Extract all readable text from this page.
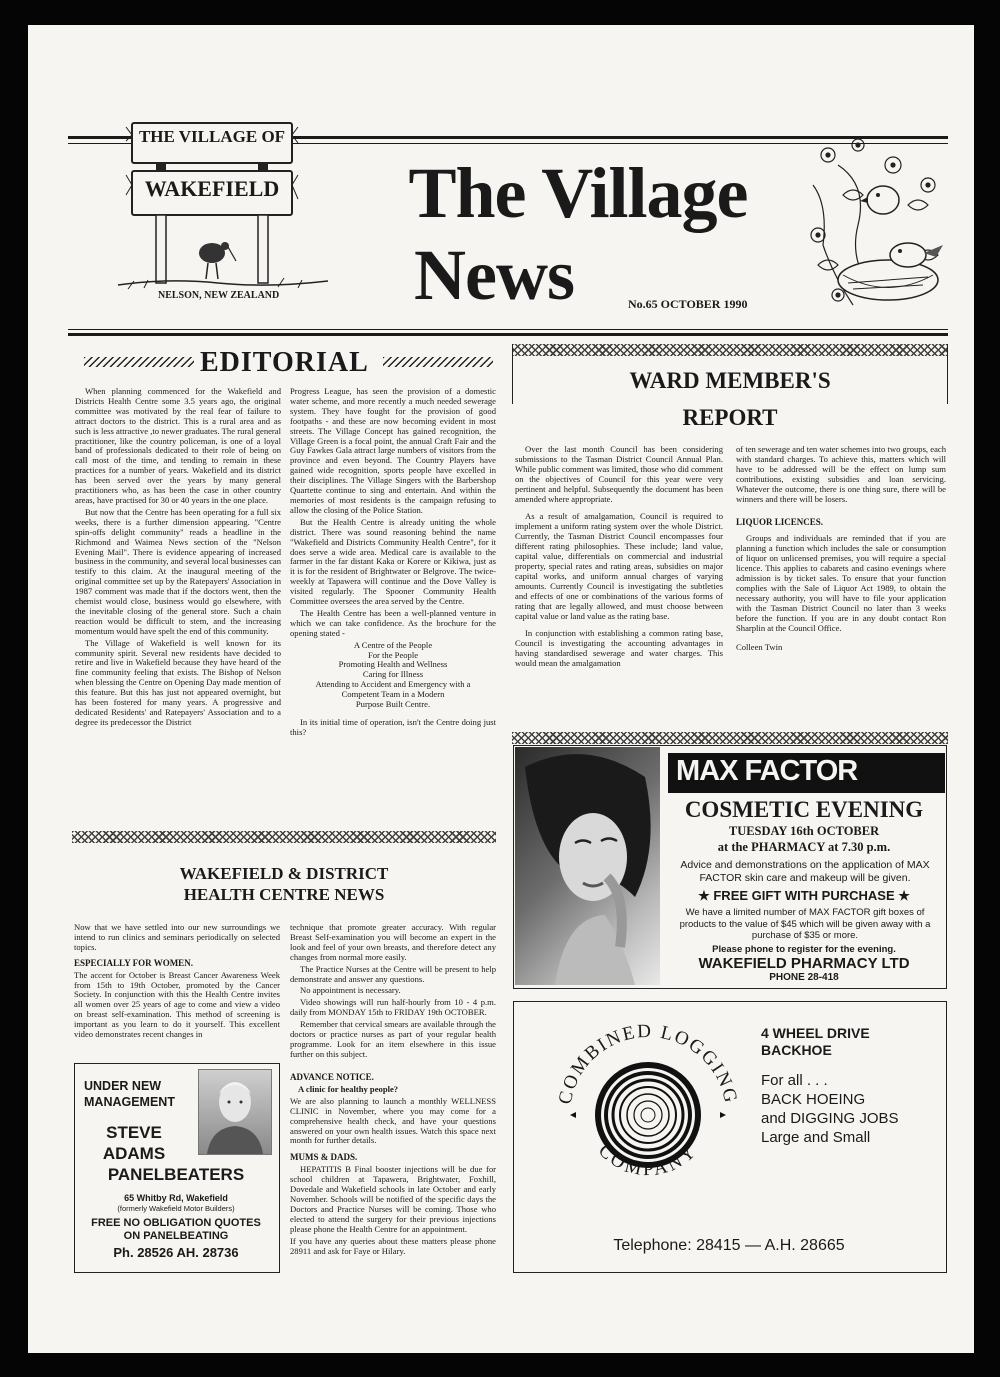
THE VILLAGE OF
WAKEFIELD
NELSON, NEW ZEALAND
The Village
News	No.65 OCTOBER 1990
EDITORIAL

When planning commenced for the Wakefield and Districts Health Centre some 3.5 years ago, the original committee was motivated by the real fear of failure to attract doctors to the district. This is a rural area and as such is less attractive ,to newer graduates. The rural general practitioner, like the country policeman, is one of a loyal band of professionals dedicated to their role of being on call most of the time, and tending to remain in these practices for a number of years. Wakefield and its district has been served over the years by many general practitioners who, as has been the case in other country areas, have practised for 30 or 40 years in the one place.

But now that the Centre has been operating for a full six weeks, there is a further dimension appearing. "Centre spin-offs delight community" reads a headline in the Richmond and Waimea News section of the "Nelson Evening Mail". There is evidence appearing of increased business in the community, and several local businesses can testify to this claim. At the inaugural meeting of the original committee set up by the Ratepayers' Association in 1987 comment was made that if the doctors went, then the chemist would close, business would go elsewhere, with the inevitable closing of the general store. Such a chain reaction would be difficult to stem, and the increasing momentum would have spelt the end of this community.

The Village of Wakefield is well known for its community spirit. Several new residents have decided to retire and live in Wakefield because they have heard of the fine community feeling that exists. The Bishop of Nelson when blessing the Centre on Opening Day made mention of this feature. But this has just not appeared overnight, but has been fostered for many years. A progressive and dedicated Residents' and Ratepayers' Association and to a degree its predecessor the District

Progress League, has seen the provision of a domestic water scheme, and more recently a much needed sewerage system. They have fought for the provision of good footpaths - and these are now becoming evident in most streets. The Village Concept has gained recognition, the Village Green is a focal point, the annual Craft Fair and the Guy Fawkes Gala attract large numbers of visitors from the province and even beyond. The Country Players have gained wide recognition, sports people have excelled in their disciplines. The Village Singers with the Barbershop Quartette continue to sing and entertain. And within the memories of most residents is the campaign refusing to allow the closing of the Police Station.

But the Health Centre is already uniting the whole district. There was sound reasoning behind the name "Wakefield and Districts Community Health Centre", for it does serve a wide area. Medical care is available to the farmer in the far distant Kaka or Korere or Kikiwa, just as it is for the resident of Brightwater or Belgrove. The twice-weekly at Tapawera will continue and the Dove Valley is visited regularly. The Spooner Community Health Committee oversees the area served by the Centre.

The Health Centre has been a well-planned venture in which we can take confidence. As the brochure for the opening stated -

A Centre of the People
For the People
Promoting Health and Wellness
Caring for Illness
Attending to Accident and Emergency with a
Competent Team in a Modern
Purpose Built Centre.

In its initial time of operation, isn't the Centre doing just this?

WARD MEMBER'S
REPORT

Over the last month Council has been considering submissions to the Tasman District Council Annual Plan. While public comment was limited, those who did comment on the objectives of Council for this year were very pertinent and helpful. Subsequently the document has been amended where appropriate.

As a result of amalgamation, Council is required to implement a uniform rating system over the whole District. Currently, the Tasman District Council encompasses four different rating philosophies. These include; land value, capital value, differentials on commercial and industrial property, special rates and rating areas, subsidies on major capital works, and uniform annual charges of varying amounts. Currently Council is investigating the subtleties and effects of one or combinations of the various forms of rating that are legally allowed, and must choose between capital value or land value as the rating base.

In conjunction with establishing a common rating base, Council is investigating the accounting advantages in having standardised sewerage and water charges. This would mean the amalgamation

of ten sewerage and ten water schemes into two groups, each with standard charges. To achieve this, matters which will have to be addressed will be the effect on lump sum contributions, existing subsidies and loan servicing. Whatever the outcome, there is one thing sure, there will be winners and there will be losers.

LIQUOR LICENCES.

Groups and individuals are reminded that if you are planning a function which includes the sale or consumption of liquor on unlicensed premises, you will require a special licence. This applies to cabarets and casino evenings where admission is by ticket sales. To ensure that your function complies with the Sale of Liquor Act 1989, to obtain the necessary authority, you will have to file your application with the Tasman District Council no later than 3 weeks before the function. If you are in any doubt contact Ron Sharplin at the Council Office.

Colleen Twin

WAKEFIELD & DISTRICT
HEALTH CENTRE NEWS

Now that we have settled into our new surroundings we intend to run clinics and seminars periodically on selected topics.

ESPECIALLY FOR WOMEN.

The accent for October is Breast Cancer Awareness Week from 15th to 19th October, promoted by the Cancer Society. In conjunction with this the Health Centre invites all women over 25 years of age to come and view a video on breast self-examination. This method of screening is important as you learn to do it yourself. This excellent video demonstrates recent changes in

technique that promote greater accuracy. With regular Breast Self-examination you will become an expert in the look and feel of your own breasts, and therefore detect any changes from normal more easily.

The Practice Nurses at the Centre will be present to help demonstrate and answer any questions.

No appointment is necessary.

Video showings will run half-hourly from 10 - 4 p.m. daily from MONDAY 15th to FRIDAY 19th OCTOBER.

Remember that cervical smears are available through the doctors or practice nurses as part of your regular health programme. Look for an item elsewhere in this issue further on this subject.

ADVANCE NOTICE.

A clinic for healthy people?

We are also planning to launch a monthly WELLNESS CLINIC in November, where you may come for a comprehensive health check, and have your questions answered on your own health issues. Watch this space next month for further details.

MUMS & DADS.

HEPATITIS B Final booster injections will be due for school children at Tapawera, Brightwater, Foxhill, Dovedale and Wakefield schools in late October and early November. Schools will be notified of the specific days the Doctors and Practice Nurses will be coming. Those who elected to attend the surgery for their previous injections please phone the Health Centre for an appointment.

If you have any queries about these matters please phone 28911 and ask for Faye or Hilary.

UNDER NEW
MANAGEMENT
STEVE
ADAMS
PANELBEATERS
65 Whitby Rd, Wakefield
(formerly Wakefield Motor Builders)
FREE NO OBLIGATION QUOTES
ON PANELBEATING
Ph. 28526 AH. 28736
MAX FACTOR
COSMETIC EVENING
TUESDAY 16th OCTOBER
at the PHARMACY at 7.30 p.m.
Advice and demonstrations on the application of MAX FACTOR skin care and makeup will be given.
★ FREE GIFT WITH PURCHASE ★
We have a limited number of MAX FACTOR gift boxes of products to the value of $45 which will be given away with a purchase of $35 or more.
Please phone to register for the evening.
WAKEFIELD PHARMACY LTD
PHONE 28-418
COMBINED LOGGING
COMPANY
4 WHEEL DRIVE
BACKHOE
For all . . .
BACK HOEING
and DIGGING JOBS
Large and Small
Telephone: 28415 — A.H. 28665
